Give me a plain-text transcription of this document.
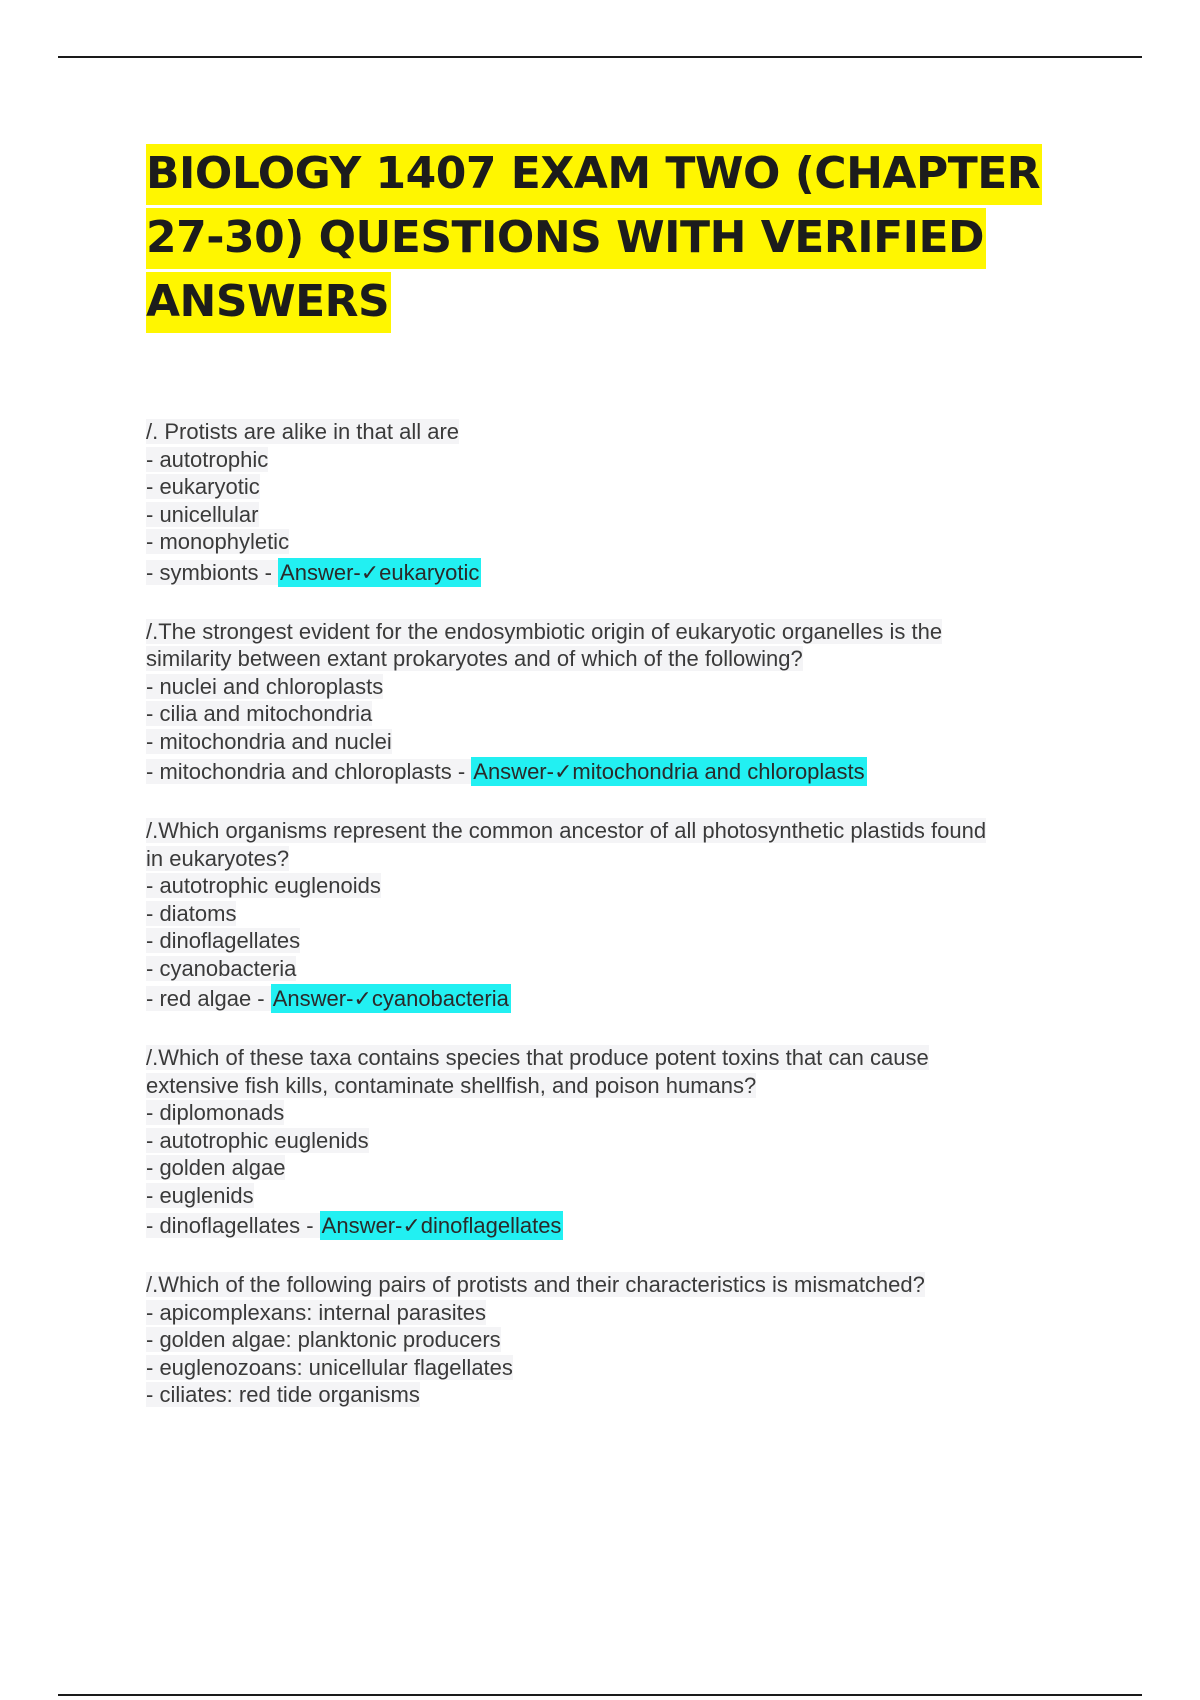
BIOLOGY 1407 EXAM TWO (CHAPTER
27-30) QUESTIONS WITH VERIFIED
ANSWERS
/. Protists are alike in that all are
- autotrophic
- eukaryotic
- unicellular
- monophyletic
- symbionts - Answer-✓eukaryotic
/.The strongest evident for the endosymbiotic origin of eukaryotic organelles is the
similarity between extant prokaryotes and of which of the following?
- nuclei and chloroplasts
- cilia and mitochondria
- mitochondria and nuclei
- mitochondria and chloroplasts - Answer-✓mitochondria and chloroplasts
/.Which organisms represent the common ancestor of all photosynthetic plastids found
in eukaryotes?
- autotrophic euglenoids
- diatoms
- dinoflagellates
- cyanobacteria
- red algae - Answer-✓cyanobacteria
/.Which of these taxa contains species that produce potent toxins that can cause
extensive fish kills, contaminate shellfish, and poison humans?
- diplomonads
- autotrophic euglenids
- golden algae
- euglenids
- dinoflagellates - Answer-✓dinoflagellates
/.Which of the following pairs of protists and their characteristics is mismatched?
- apicomplexans: internal parasites
- golden algae: planktonic producers
- euglenozoans: unicellular flagellates
- ciliates: red tide organisms
